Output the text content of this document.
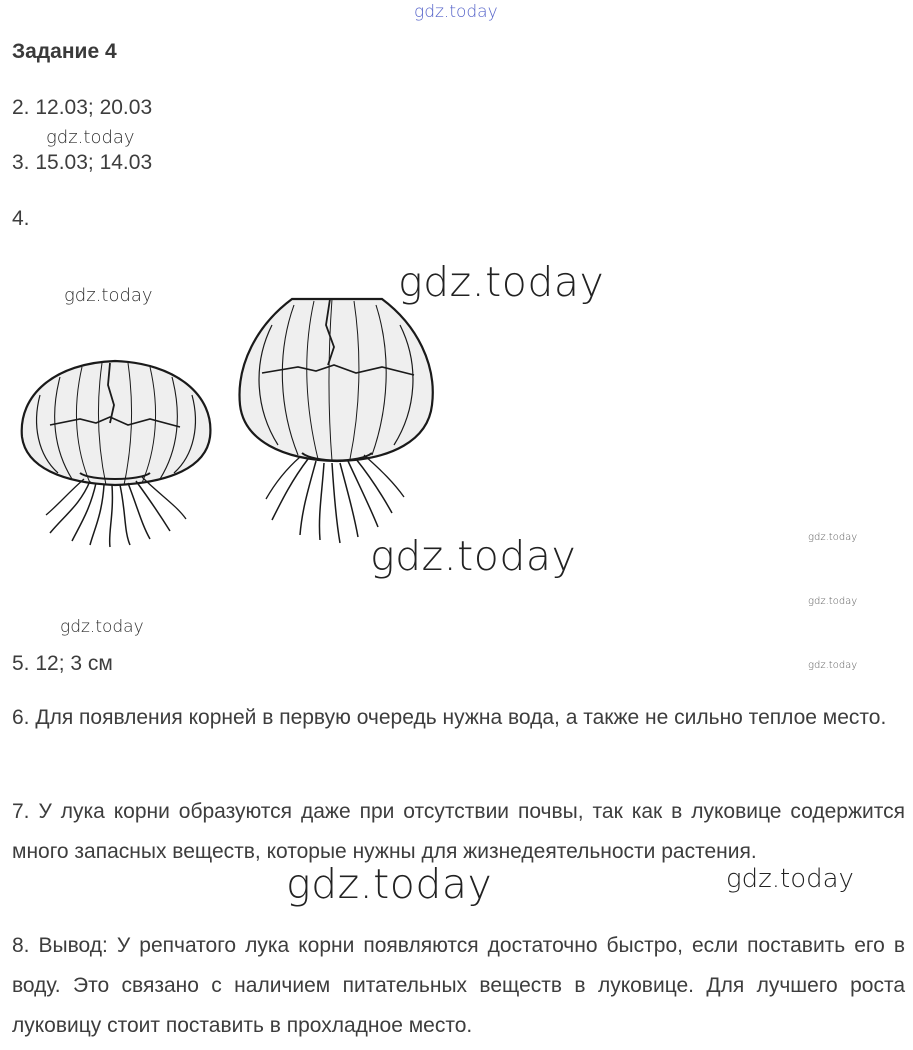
gdz.today
gdz.today
gdz.today	gdz.today
gdz.today	gdz.today
gdz.today
gdz.today
gdz.today
gdz.today	gdz.today
Задание 4
2. 12.03; 20.03
3. 15.03; 14.03
4.
5. 12; 3 см
6. Для появления корней в первую очередь нужна вода, а также не сильно теплое место.
7. У лука корни образуются даже при отсутствии почвы, так как в луковице содержится много запасных веществ, которые нужны для жизнедеятельности растения.
8. Вывод: У репчатого лука корни появляются достаточно быстро, если поставить его в воду. Это связано с наличием питательных веществ в луковице. Для лучшего роста луковицу стоит поставить в прохладное место.
